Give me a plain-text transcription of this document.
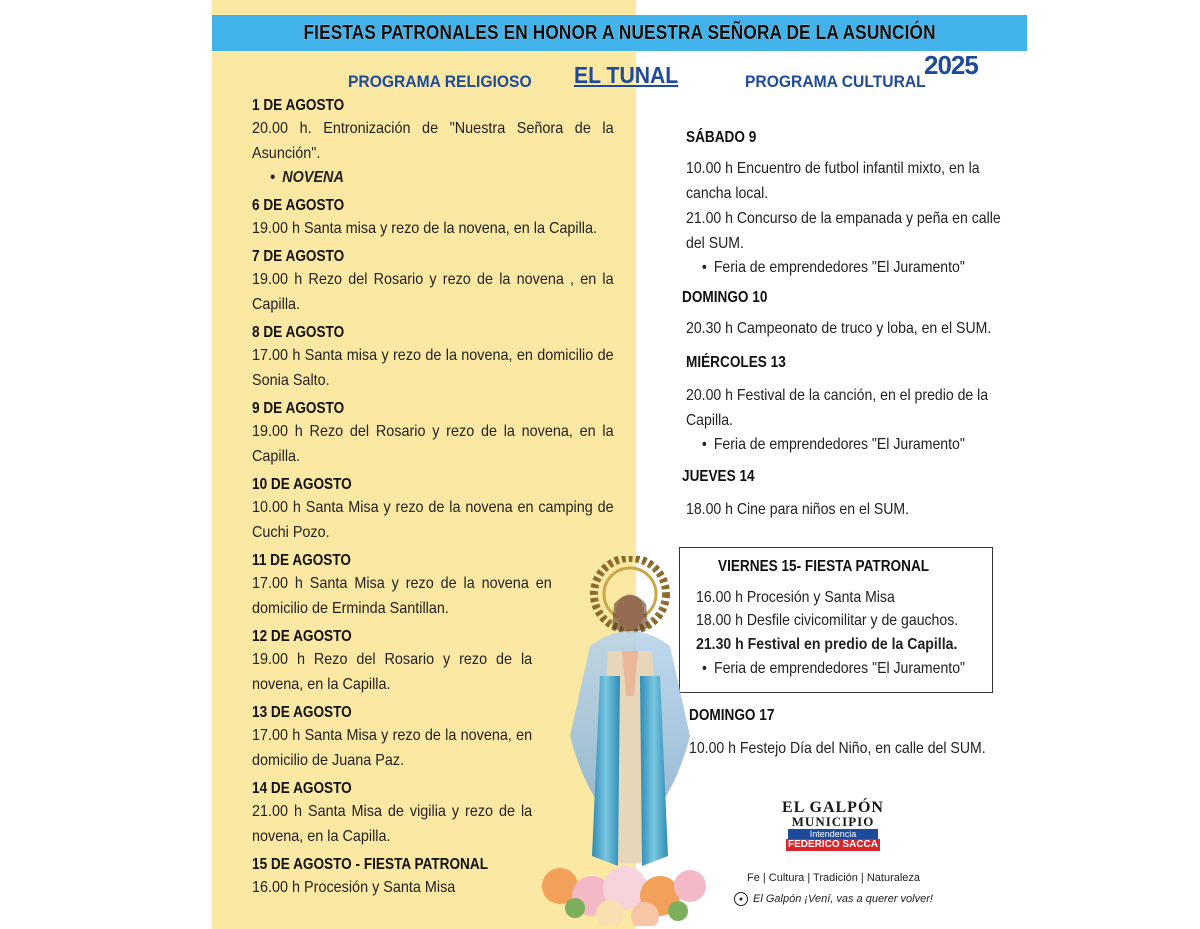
FIESTAS PATRONALES EN HONOR A NUESTRA SEÑORA DE LA ASUNCIÓN
PROGRAMA RELIGIOSO EL TUNAL	PROGRAMA CULTURAL
2025
1 DE AGOSTO
20.00 h. Entronización de "Nuestra Señora de la Asunción".
• NOVENA
6 DE AGOSTO
19.00 h Santa misa y rezo de la novena, en la Capilla.
7 DE AGOSTO
19.00 h Rezo del Rosario y rezo de la novena , en la Capilla.
8 DE AGOSTO
17.00 h Santa misa y rezo de la novena, en domicilio de Sonia Salto.
9 DE AGOSTO
19.00 h Rezo del Rosario y rezo de la novena, en la Capilla.
10 DE AGOSTO
10.00 h Santa Misa y rezo de la novena en camping de Cuchi Pozo.
11 DE AGOSTO
17.00 h Santa Misa y rezo de la novena en domicilio de Erminda Santillan.
12 DE AGOSTO
19.00 h Rezo del Rosario y rezo de la novena, en la Capilla.
13 DE AGOSTO
17.00 h Santa Misa y rezo de la novena, en domicilio de Juana Paz.
14 DE AGOSTO
21.00 h Santa Misa de vigilia y rezo de la novena, en la Capilla.
15 DE AGOSTO - FIESTA PATRONAL
16.00 h Procesión y Santa Misa
SÁBADO 9
10.00 h Encuentro de futbol infantil mixto, en la cancha local.
21.00 h Concurso de la empanada y peña en calle del SUM.
• Feria de emprendedores "El Juramento"
DOMINGO 10
20.30 h Campeonato de truco y loba, en el SUM.
MIÉRCOLES 13
20.00 h Festival de la canción, en el predio de la Capilla.
• Feria de emprendedores "El Juramento"
JUEVES 14
18.00 h Cine para niños en el SUM.
VIERNES 15- FIESTA PATRONAL
16.00 h Procesión y Santa Misa
18.00 h Desfile civicomilitar y de gauchos.
21.30 h Festival en predio de la Capilla.
• Feria de emprendedores "El Juramento"
DOMINGO 17
10.00 h Festejo Día del Niño, en calle del SUM.
EL GALPÓN
MUNICIPIO
Intendencia
FEDERICO SACCA
Fe | Cultura | Tradición | Naturaleza
● El Galpón ¡Vení, vas a querer volver!
